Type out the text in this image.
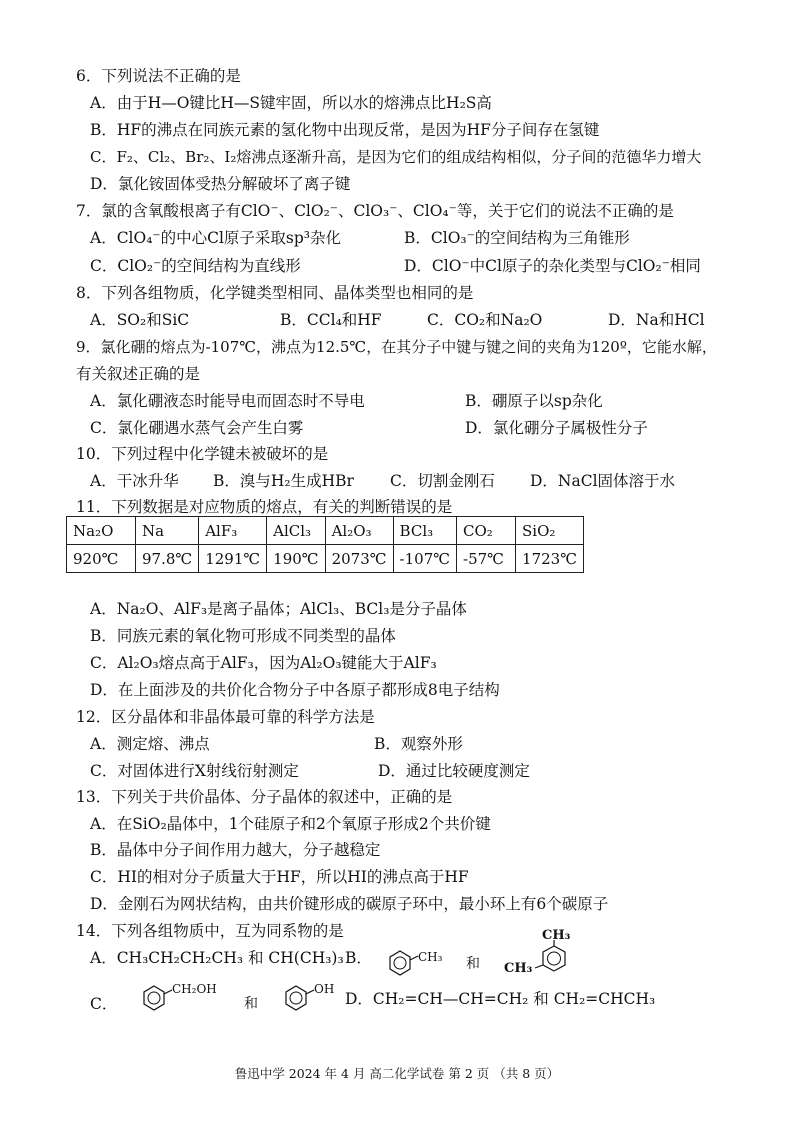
6．下列说法不正确的是
A．由于H—O键比H—S键牢固，所以水的熔沸点比H₂S高
B．HF的沸点在同族元素的氢化物中出现反常，是因为HF分子间存在氢键
C．F₂、Cl₂、Br₂、I₂熔沸点逐渐升高，是因为它们的组成结构相似，分子间的范德华力增大
D．氯化铵固体受热分解破坏了离子键
7．氯的含氧酸根离子有ClO⁻、ClO₂⁻、ClO₃⁻、ClO₄⁻等，关于它们的说法不正确的是
A．ClO₄⁻的中心Cl原子采取sp³杂化	B．ClO₃⁻的空间结构为三角锥形
C．ClO₂⁻的空间结构为直线形	D．ClO⁻中Cl原子的杂化类型与ClO₂⁻相同
8．下列各组物质，化学键类型相同、晶体类型也相同的是
A．SO₂和SiC	B．CCl₄和HF	C．CO₂和Na₂O	D．Na和HCl
9．氯化硼的熔点为-107℃，沸点为12.5℃，在其分子中键与键之间的夹角为120º，它能水解，
有关叙述正确的是
A．氯化硼液态时能导电而固态时不导电	B．硼原子以sp杂化
C．氯化硼遇水蒸气会产生白雾	D．氯化硼分子属极性分子
10．下列过程中化学键未被破坏的是
A．干冰升华 B．溴与H₂生成HBr C．切割金刚石 D．NaCl固体溶于水
11．下列数据是对应物质的熔点，有关的判断错误的是
Na₂O	Na	AlF₃	AlCl₃	Al₂O₃	BCl₃	CO₂	SiO₂
920℃	97.8℃	1291℃	190℃	2073℃	-107℃	-57℃	1723℃
A．Na₂O、AlF₃是离子晶体；AlCl₃、BCl₃是分子晶体
B．同族元素的氧化物可形成不同类型的晶体
C．Al₂O₃熔点高于AlF₃，因为Al₂O₃键能大于AlF₃
D．在上面涉及的共价化合物分子中各原子都形成8电子结构
12．区分晶体和非晶体最可靠的科学方法是
A．测定熔、沸点	B．观察外形
C．对固体进行X射线衍射测定	D．通过比较硬度测定
13．下列关于共价晶体、分子晶体的叙述中，正确的是
A．在SiO₂晶体中，1个硅原子和2个氧原子形成2个共价键
B．晶体中分子间作用力越大，分子越稳定
C．HI的相对分子质量大于HF，所以HI的沸点高于HF
D．金刚石为网状结构，由共价键形成的碳原子环中，最小环上有6个碳原子
14．下列各组物质中，互为同系物的是
A．CH₃CH₂CH₂CH₃ 和 CH(CH₃)₃ B．	CH₃ 和
CH₃
CH₃
C．
CH₂OH
和
OH
D．CH₂=CH—CH=CH₂ 和 CH₂=CHCH₃
鲁迅中学 2024 年 4 月 高二化学试卷 第 2 页 （共 8 页）
